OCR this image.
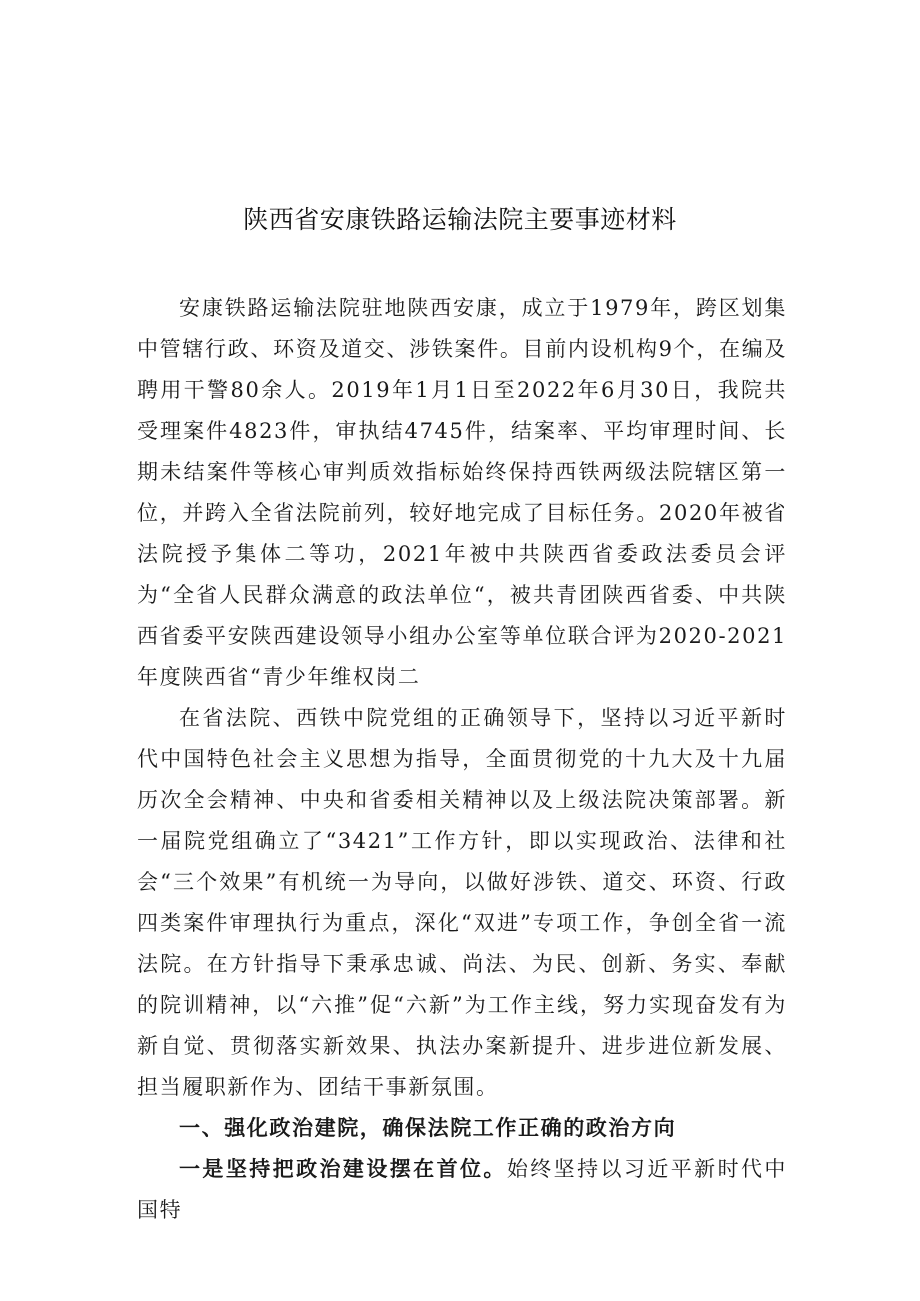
陕西省安康铁路运输法院主要事迹材料

安康铁路运输法院驻地陕西安康，成立于1979年，跨区划集中管辖行政、环资及道交、涉铁案件。目前内设机构9个，在编及聘用干警80余人。2019年1月1日至2022年6月30日，我院共受理案件4823件，审执结4745件，结案率、平均审理时间、长期未结案件等核心审判质效指标始终保持西铁两级法院辖区第一位，并跨入全省法院前列，较好地完成了目标任务。2020年被省法院授予集体二等功，2021年被中共陕西省委政法委员会评为“全省人民群众满意的政法单位“，被共青团陕西省委、中共陕西省委平安陕西建设领导小组办公室等单位联合评为2020-2021年度陕西省“青少年维权岗二

在省法院、西铁中院党组的正确领导下，坚持以习近平新时代中国特色社会主义思想为指导，全面贯彻党的十九大及十九届历次全会精神、中央和省委相关精神以及上级法院决策部署。新一届院党组确立了“3421”工作方针，即以实现政治、法律和社会“三个效果”有机统一为导向，以做好涉铁、道交、环资、行政四类案件审理执行为重点，深化“双进”专项工作，争创全省一流法院。在方针指导下秉承忠诚、尚法、为民、创新、务实、奉献的院训精神，以“六推”促“六新”为工作主线，努力实现奋发有为新自觉、贯彻落实新效果、执法办案新提升、进步进位新发展、担当履职新作为、团结干事新氛围。

一、强化政治建院，确保法院工作正确的政治方向

一是坚持把政治建设摆在首位。始终坚持以习近平新时代中国特
